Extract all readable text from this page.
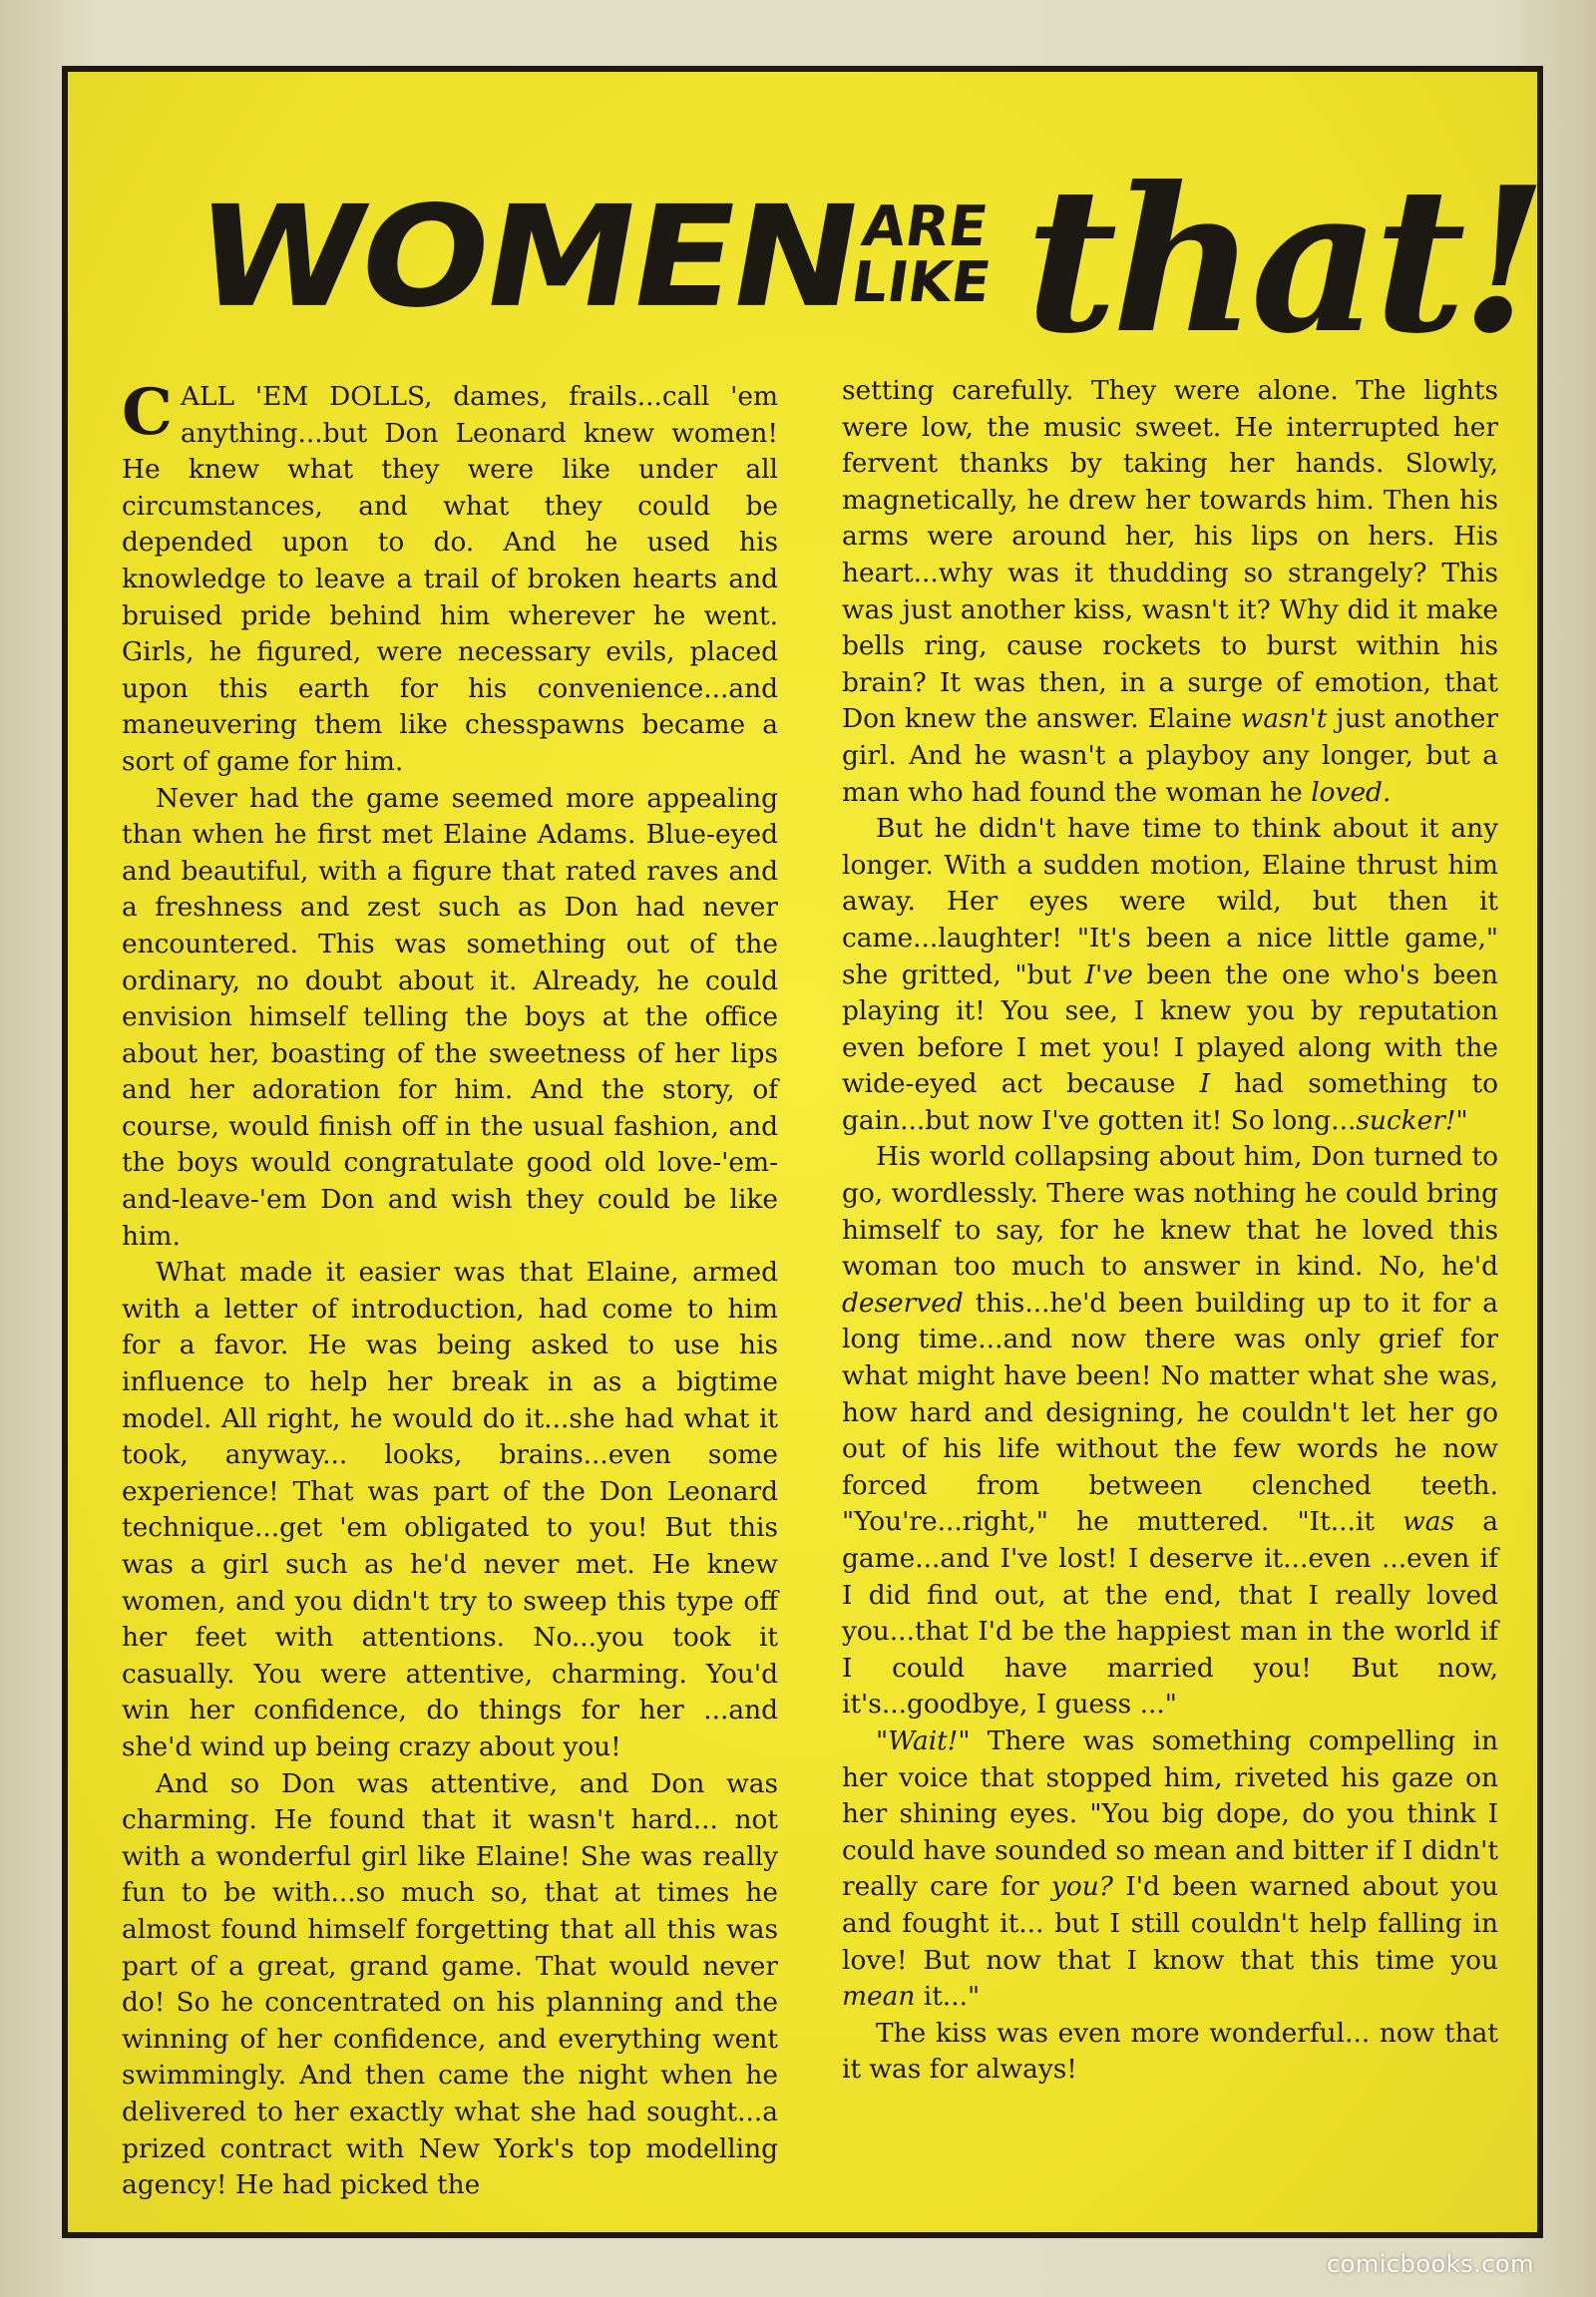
WOMEN
ARE
LIKE that!

CALL 'EM DOLLS, dames, frails...call 'em anything...but Don Leonard knew women! He knew what they were like under all circumstances, and what they could be depended upon to do. And he used his knowledge to leave a trail of broken hearts and bruised pride behind him wherever he went. Girls, he figured, were necessary evils, placed upon this earth for his convenience...and maneuvering them like chesspawns became a sort of game for him.

Never had the game seemed more appealing than when he first met Elaine Adams. Blue-eyed and beautiful, with a figure that rated raves and a freshness and zest such as Don had never encountered. This was something out of the ordinary, no doubt about it. Already, he could envision himself telling the boys at the office about her, boasting of the sweetness of her lips and her adoration for him. And the story, of course, would finish off in the usual fashion, and the boys would congratulate good old love-'em-and-leave-'em Don and wish they could be like him.

What made it easier was that Elaine, armed with a letter of introduction, had come to him for a favor. He was being asked to use his influence to help her break in as a bigtime model. All right, he would do it...she had what it took, anyway... looks, brains...even some experience! That was part of the Don Leonard technique...get 'em obligated to you! But this was a girl such as he'd never met. He knew women, and you didn't try to sweep this type off her feet with attentions. No...you took it casually. You were attentive, charming. You'd win her confidence, do things for her ...and she'd wind up being crazy about you!

And so Don was attentive, and Don was charming. He found that it wasn't hard... not with a wonderful girl like Elaine! She was really fun to be with...so much so, that at times he almost found himself forgetting that all this was part of a great, grand game. That would never do! So he concentrated on his planning and the winning of her confidence, and everything went swimmingly. And then came the night when he delivered to her exactly what she had sought...a prized contract with New York's top modelling agency! He had picked the

setting carefully. They were alone. The lights were low, the music sweet. He interrupted her fervent thanks by taking her hands. Slowly, magnetically, he drew her towards him. Then his arms were around her, his lips on hers. His heart...why was it thudding so strangely? This was just another kiss, wasn't it? Why did it make bells ring, cause rockets to burst within his brain? It was then, in a surge of emotion, that Don knew the answer. Elaine wasn't just another girl. And he wasn't a playboy any longer, but a man who had found the woman he loved.

But he didn't have time to think about it any longer. With a sudden motion, Elaine thrust him away. Her eyes were wild, but then it came...laughter! "It's been a nice little game," she gritted, "but I've been the one who's been playing it! You see, I knew you by reputation even before I met you! I played along with the wide-eyed act because I had something to gain...but now I've gotten it! So long...sucker!"

His world collapsing about him, Don turned to go, wordlessly. There was nothing he could bring himself to say, for he knew that he loved this woman too much to answer in kind. No, he'd deserved this...he'd been building up to it for a long time...and now there was only grief for what might have been! No matter what she was, how hard and designing, he couldn't let her go out of his life without the few words he now forced from between clenched teeth. "You're...right," he muttered. "It...it was a game...and I've lost! I deserve it...even ...even if I did find out, at the end, that I really loved you...that I'd be the happiest man in the world if I could have married you! But now, it's...goodbye, I guess ..."

"Wait!" There was something compelling in her voice that stopped him, riveted his gaze on her shining eyes. "You big dope, do you think I could have sounded so mean and bitter if I didn't really care for you? I'd been warned about you and fought it... but I still couldn't help falling in love! But now that I know that this time you mean it..."

The kiss was even more wonderful... now that it was for always!

comicbooks.com
